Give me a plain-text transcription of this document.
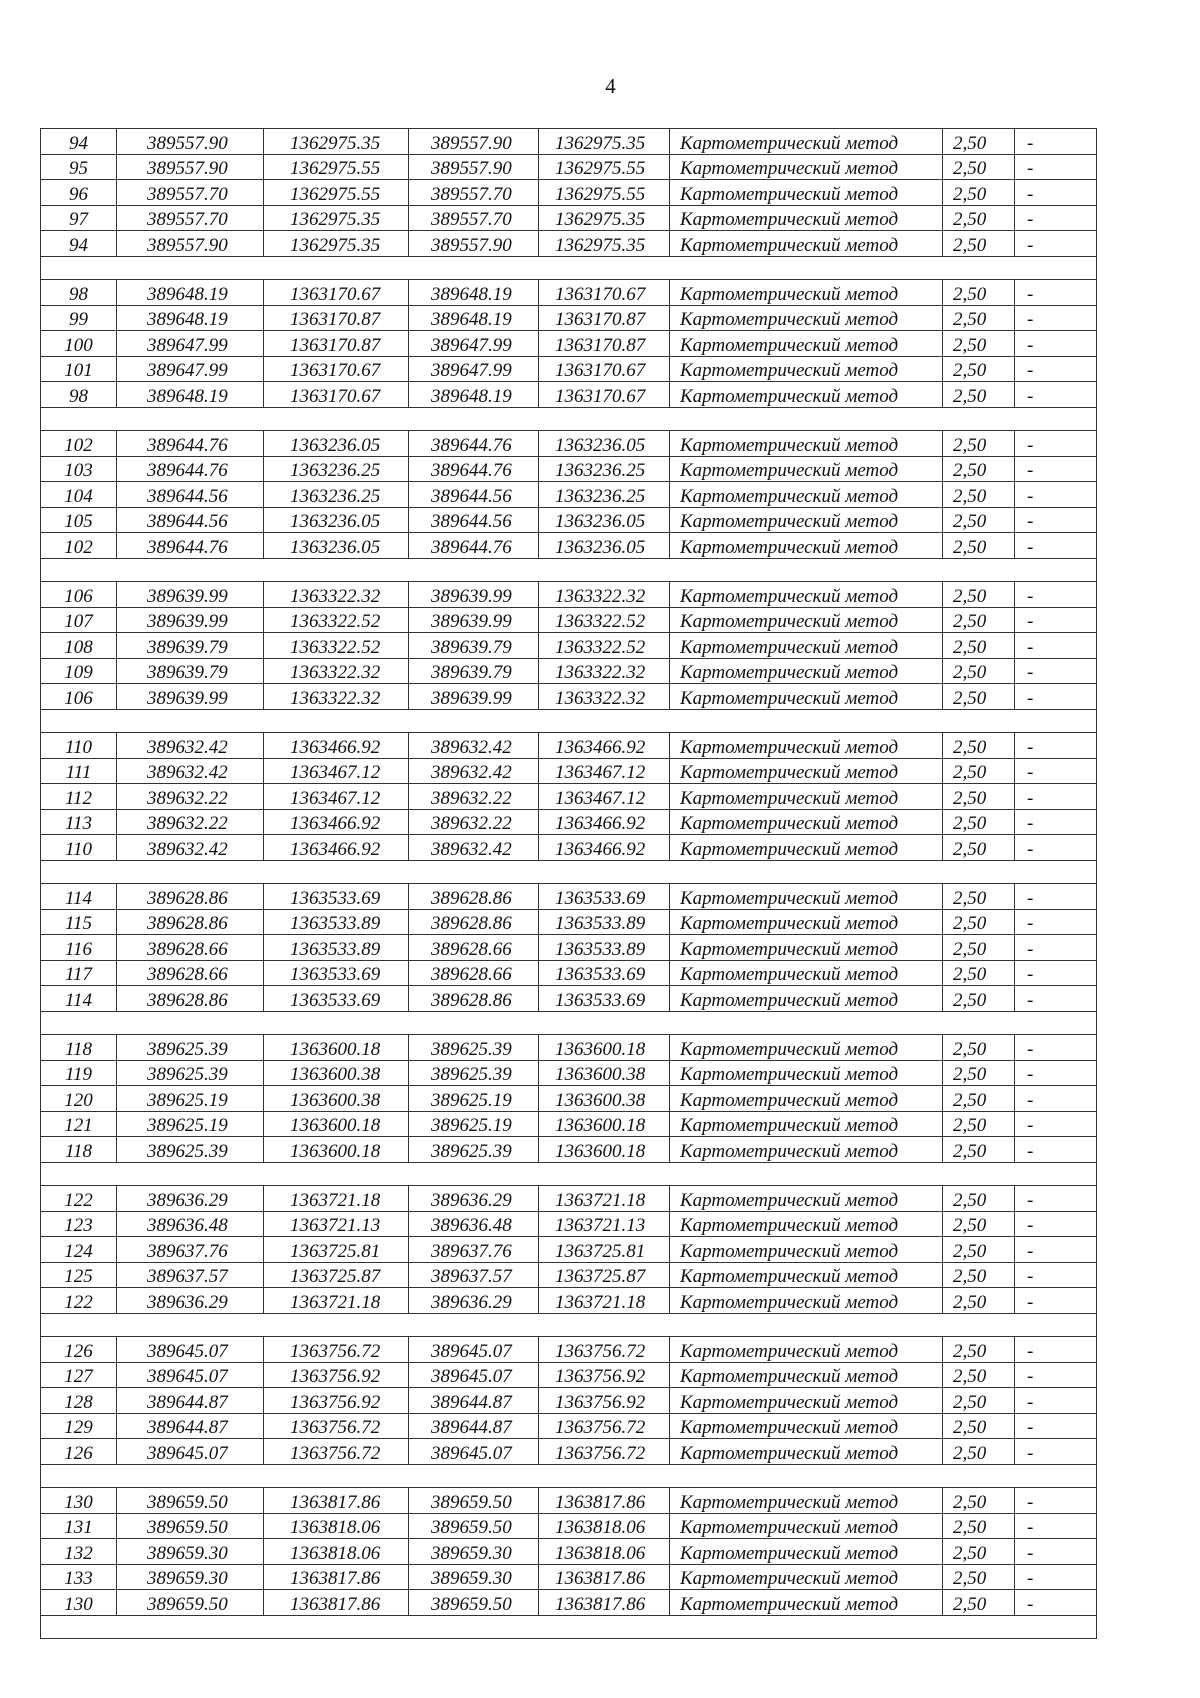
4
94	389557.90	1362975.35	389557.90	1362975.35	Картометрический метод	2,50	-
95	389557.90	1362975.55	389557.90	1362975.55	Картометрический метод	2,50	-
96	389557.70	1362975.55	389557.70	1362975.55	Картометрический метод	2,50	-
97	389557.70	1362975.35	389557.70	1362975.35	Картометрический метод	2,50	-
94	389557.90	1362975.35	389557.90	1362975.35	Картометрический метод	2,50	-

98	389648.19	1363170.67	389648.19	1363170.67	Картометрический метод	2,50	-
99	389648.19	1363170.87	389648.19	1363170.87	Картометрический метод	2,50	-
100	389647.99	1363170.87	389647.99	1363170.87	Картометрический метод	2,50	-
101	389647.99	1363170.67	389647.99	1363170.67	Картометрический метод	2,50	-
98	389648.19	1363170.67	389648.19	1363170.67	Картометрический метод	2,50	-

102	389644.76	1363236.05	389644.76	1363236.05	Картометрический метод	2,50	-
103	389644.76	1363236.25	389644.76	1363236.25	Картометрический метод	2,50	-
104	389644.56	1363236.25	389644.56	1363236.25	Картометрический метод	2,50	-
105	389644.56	1363236.05	389644.56	1363236.05	Картометрический метод	2,50	-
102	389644.76	1363236.05	389644.76	1363236.05	Картометрический метод	2,50	-

106	389639.99	1363322.32	389639.99	1363322.32	Картометрический метод	2,50	-
107	389639.99	1363322.52	389639.99	1363322.52	Картометрический метод	2,50	-
108	389639.79	1363322.52	389639.79	1363322.52	Картометрический метод	2,50	-
109	389639.79	1363322.32	389639.79	1363322.32	Картометрический метод	2,50	-
106	389639.99	1363322.32	389639.99	1363322.32	Картометрический метод	2,50	-

110	389632.42	1363466.92	389632.42	1363466.92	Картометрический метод	2,50	-
111	389632.42	1363467.12	389632.42	1363467.12	Картометрический метод	2,50	-
112	389632.22	1363467.12	389632.22	1363467.12	Картометрический метод	2,50	-
113	389632.22	1363466.92	389632.22	1363466.92	Картометрический метод	2,50	-
110	389632.42	1363466.92	389632.42	1363466.92	Картометрический метод	2,50	-

114	389628.86	1363533.69	389628.86	1363533.69	Картометрический метод	2,50	-
115	389628.86	1363533.89	389628.86	1363533.89	Картометрический метод	2,50	-
116	389628.66	1363533.89	389628.66	1363533.89	Картометрический метод	2,50	-
117	389628.66	1363533.69	389628.66	1363533.69	Картометрический метод	2,50	-
114	389628.86	1363533.69	389628.86	1363533.69	Картометрический метод	2,50	-

118	389625.39	1363600.18	389625.39	1363600.18	Картометрический метод	2,50	-
119	389625.39	1363600.38	389625.39	1363600.38	Картометрический метод	2,50	-
120	389625.19	1363600.38	389625.19	1363600.38	Картометрический метод	2,50	-
121	389625.19	1363600.18	389625.19	1363600.18	Картометрический метод	2,50	-
118	389625.39	1363600.18	389625.39	1363600.18	Картометрический метод	2,50	-

122	389636.29	1363721.18	389636.29	1363721.18	Картометрический метод	2,50	-
123	389636.48	1363721.13	389636.48	1363721.13	Картометрический метод	2,50	-
124	389637.76	1363725.81	389637.76	1363725.81	Картометрический метод	2,50	-
125	389637.57	1363725.87	389637.57	1363725.87	Картометрический метод	2,50	-
122	389636.29	1363721.18	389636.29	1363721.18	Картометрический метод	2,50	-

126	389645.07	1363756.72	389645.07	1363756.72	Картометрический метод	2,50	-
127	389645.07	1363756.92	389645.07	1363756.92	Картометрический метод	2,50	-
128	389644.87	1363756.92	389644.87	1363756.92	Картометрический метод	2,50	-
129	389644.87	1363756.72	389644.87	1363756.72	Картометрический метод	2,50	-
126	389645.07	1363756.72	389645.07	1363756.72	Картометрический метод	2,50	-

130	389659.50	1363817.86	389659.50	1363817.86	Картометрический метод	2,50	-
131	389659.50	1363818.06	389659.50	1363818.06	Картометрический метод	2,50	-
132	389659.30	1363818.06	389659.30	1363818.06	Картометрический метод	2,50	-
133	389659.30	1363817.86	389659.30	1363817.86	Картометрический метод	2,50	-
130	389659.50	1363817.86	389659.50	1363817.86	Картометрический метод	2,50	-
